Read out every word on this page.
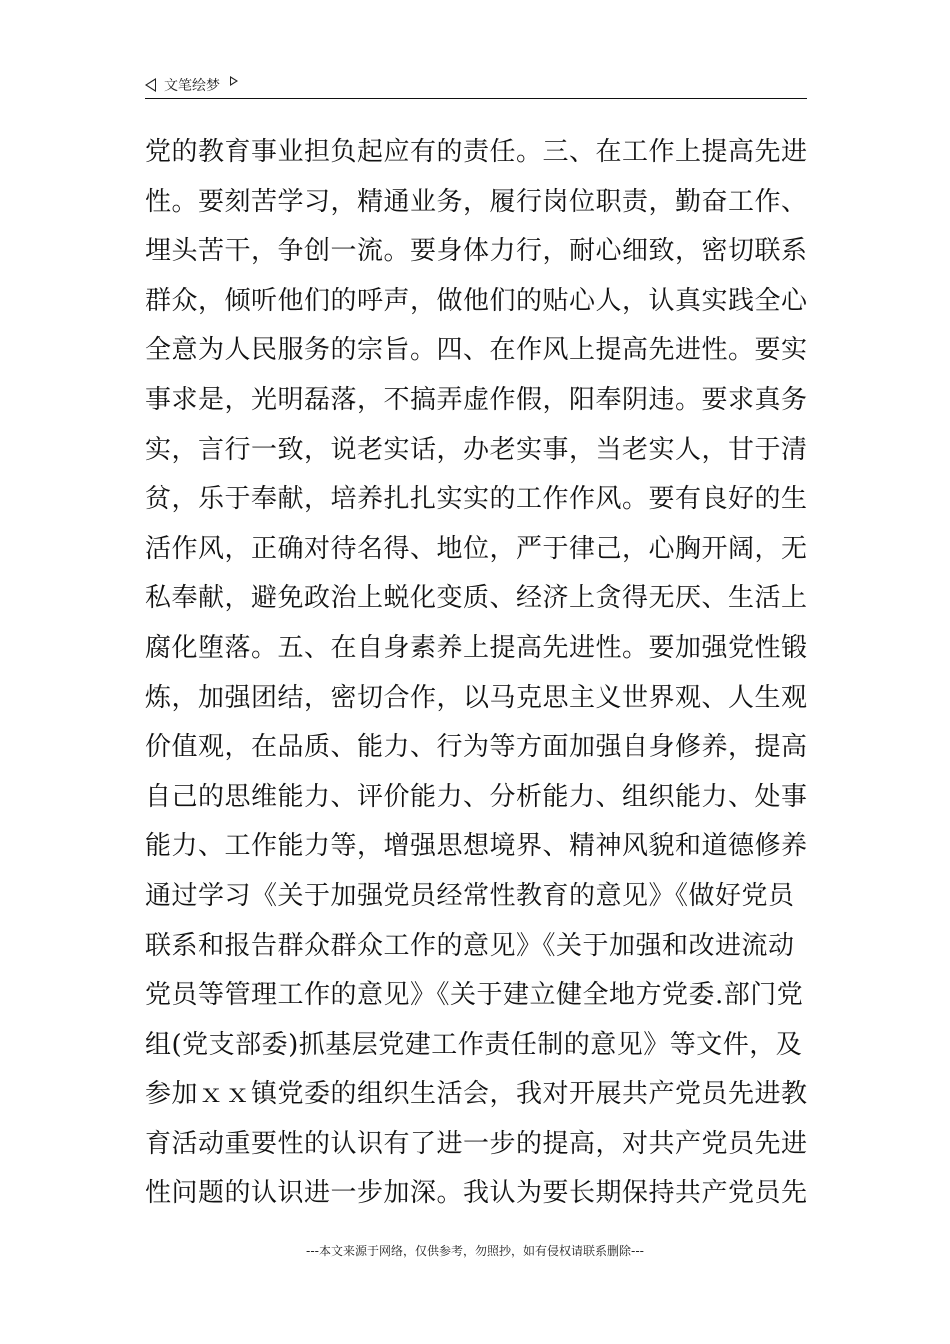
文笔绘梦
党的教育事业担负起应有的责任。三、在工作上提高先进
性。要刻苦学习，精通业务，履行岗位职责，勤奋工作、
埋头苦干，争创一流。要身体力行，耐心细致，密切联系
群众，倾听他们的呼声，做他们的贴心人，认真实践全心
全意为人民服务的宗旨。四、在作风上提高先进性。要实
事求是，光明磊落，不搞弄虚作假，阳奉阴违。要求真务
实，言行一致，说老实话，办老实事，当老实人，甘于清
贫，乐于奉献，培养扎扎实实的工作作风。要有良好的生
活作风，正确对待名得、地位，严于律己，心胸开阔，无
私奉献，避免政治上蜕化变质、经济上贪得无厌、生活上
腐化堕落。五、在自身素养上提高先进性。要加强党性锻
炼，加强团结，密切合作，以马克思主义世界观、人生观
价值观，在品质、能力、行为等方面加强自身修养，提高
自己的思维能力、评价能力、分析能力、组织能力、处事
能力、工作能力等，增强思想境界、精神风貌和道德修养
通过学习《关于加强党员经常性教育的意见》《做好党员
联系和报告群众群众工作的意见》《关于加强和改进流动
党员等管理工作的意见》《关于建立健全地方党委.部门党
组(党支部委)抓基层党建工作责任制的意见》等文件，及
参加ｘｘ镇党委的组织生活会，我对开展共产党员先进教
育活动重要性的认识有了进一步的提高，对共产党员先进
性问题的认识进一步加深。我认为要长期保持共产党员先
---本文来源于网络，仅供参考，勿照抄，如有侵权请联系删除---
